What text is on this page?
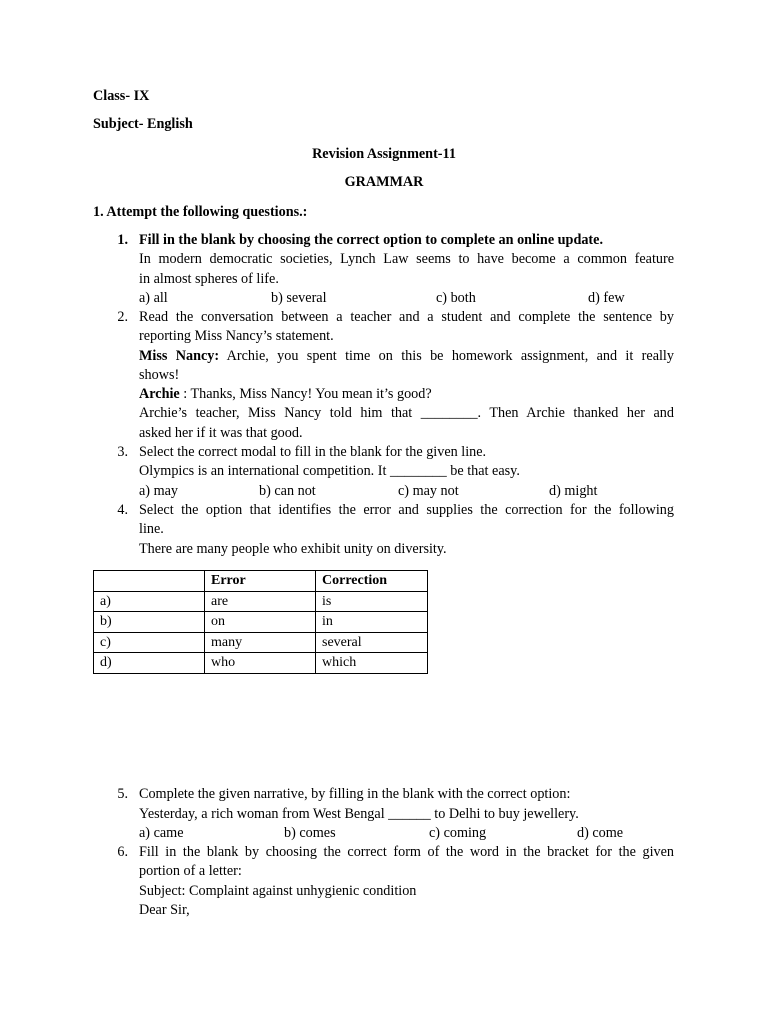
Class- IX
Subject- English
Revision Assignment-11
GRAMMAR
1. Attempt the following questions.:
1. Fill in the blank by choosing the correct option to complete an online update.
In modern democratic societies, Lynch Law seems to have become a common feature
in almost spheres of life.
a) all	b) several	c) both	d) few
2. Read the conversation between a teacher and a student and complete the sentence by
reporting Miss Nancy’s statement.
Miss Nancy: Archie, you spent time on this be homework assignment, and it really
shows!
Archie : Thanks, Miss Nancy! You mean it’s good?
Archie’s teacher, Miss Nancy told him that ________. Then Archie thanked her and
asked her if it was that good.
3. Select the correct modal to fill in the blank for the given line.
Olympics is an international competition. It ________ be that easy.
a) may	b) can not	c) may not	d) might
4. Select the option that identifies the error and supplies the correction for the following
line.
There are many people who exhibit unity on diversity.
	Error	Correction
a)	are	is
b)	on	in
c)	many	several
d)	who	which
5. Complete the given narrative, by filling in the blank with the correct option:
Yesterday, a rich woman from West Bengal ______ to Delhi to buy jewellery.
a) came	b) comes	c) coming	d) come
6. Fill in the blank by choosing the correct form of the word in the bracket for the given
portion of a letter:
Subject: Complaint against unhygienic condition
Dear Sir,
